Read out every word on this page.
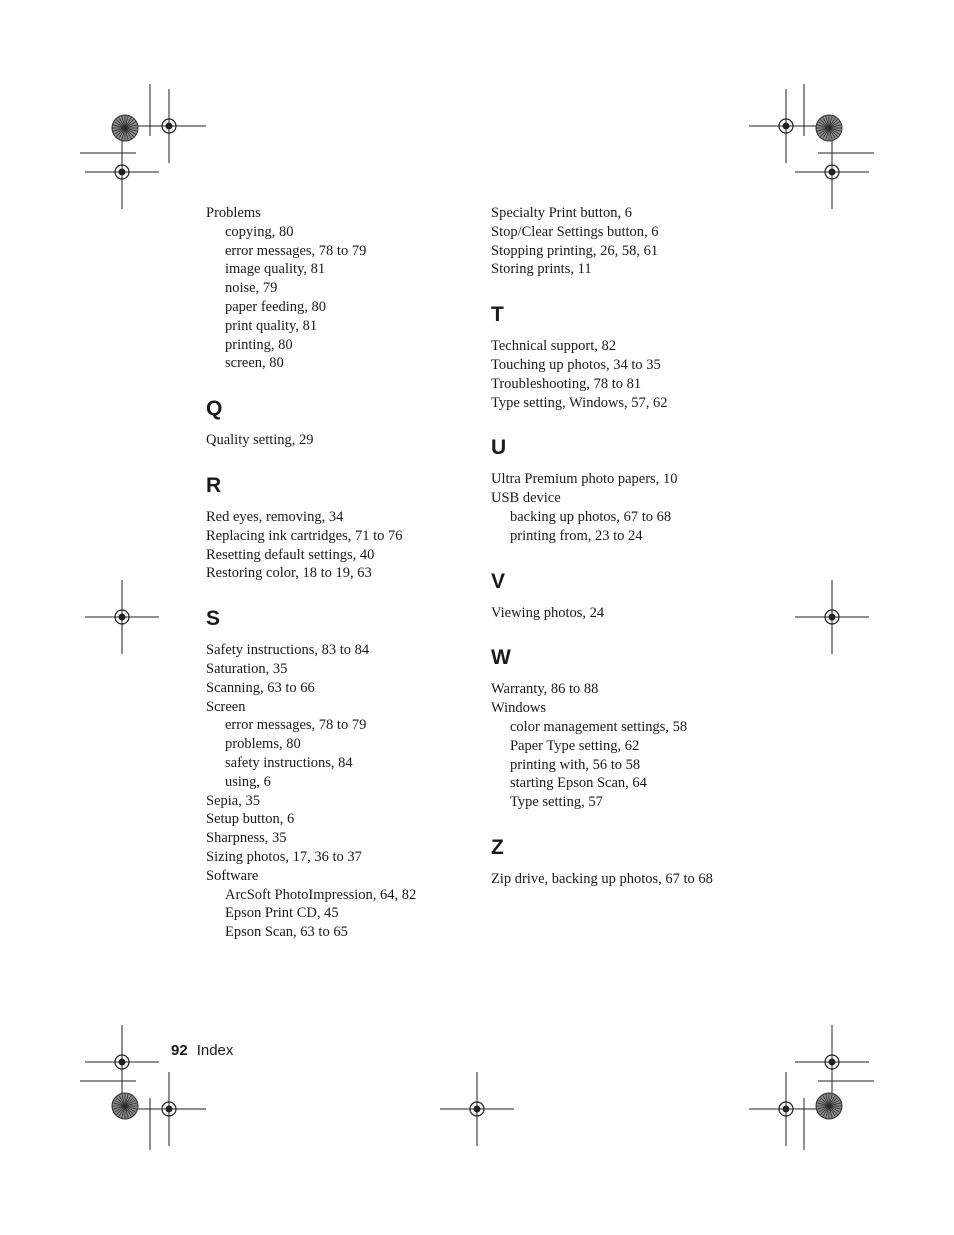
Problems
copying, 80
error messages, 78 to 79
image quality, 81
noise, 79
paper feeding, 80
print quality, 81
printing, 80
screen, 80
Q
Quality setting, 29
R
Red eyes, removing, 34
Replacing ink cartridges, 71 to 76
Resetting default settings, 40
Restoring color, 18 to 19, 63
S
Safety instructions, 83 to 84
Saturation, 35
Scanning, 63 to 66
Screen
error messages, 78 to 79
problems, 80
safety instructions, 84
using, 6
Sepia, 35
Setup button, 6
Sharpness, 35
Sizing photos, 17, 36 to 37
Software
ArcSoft PhotoImpression, 64, 82
Epson Print CD, 45
Epson Scan, 63 to 65
Specialty Print button, 6
Stop/Clear Settings button, 6
Stopping printing, 26, 58, 61
Storing prints, 11
T
Technical support, 82
Touching up photos, 34 to 35
Troubleshooting, 78 to 81
Type setting, Windows, 57, 62
U
Ultra Premium photo papers, 10
USB device
backing up photos, 67 to 68
printing from, 23 to 24
V
Viewing photos, 24
W
Warranty, 86 to 88
Windows
color management settings, 58
Paper Type setting, 62
printing with, 56 to 58
starting Epson Scan, 64
Type setting, 57
Z
Zip drive, backing up photos, 67 to 68
92 Index
